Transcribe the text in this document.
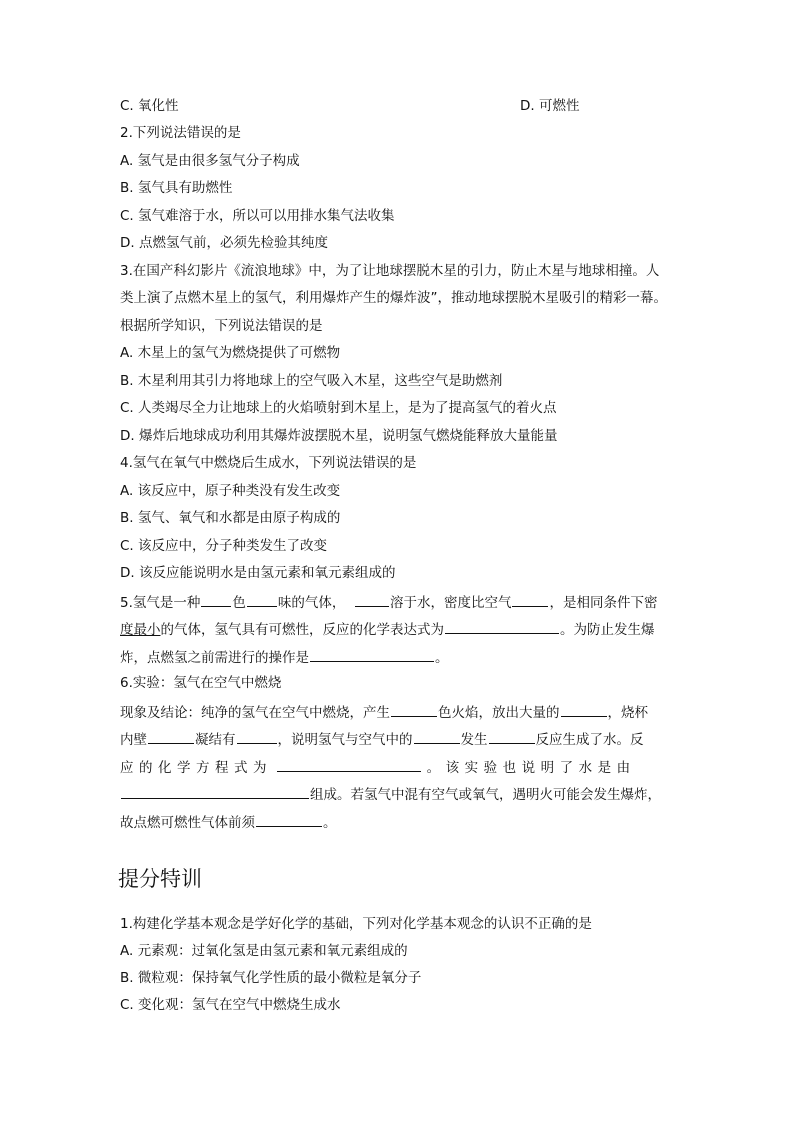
C. 氧化性	D. 可燃性
2.下列说法错误的是
A. 氢气是由很多氢气分子构成
B. 氢气具有助燃性
C. 氢气难溶于水，所以可以用排水集气法收集
D. 点燃氢气前，必须先检验其纯度
3.在国产科幻影片《流浪地球》中，为了让地球摆脱木星的引力，防止木星与地球相撞。人
类上演了点燃木星上的氢气，利用爆炸产生的爆炸波”，推动地球摆脱木星吸引的精彩一幕。
根据所学知识，下列说法错误的是
A. 木星上的氢气为燃烧提供了可燃物
B. 木星利用其引力将地球上的空气吸入木星，这些空气是助燃剂
C. 人类竭尽全力让地球上的火焰喷射到木星上，是为了提高氢气的着火点
D. 爆炸后地球成功利用其爆炸波摆脱木星，说明氢气燃烧能释放大量能量
4.氢气在氧气中燃烧后生成水，下列说法错误的是
A. 该反应中，原子种类没有发生改变
B. 氢气、氧气和水都是由原子构成的
C. 该反应中，分子种类发生了改变
D. 该反应能说明水是由氢元素和氧元素组成的
5.氢气是一种 色 味的气体，	溶于水，密度比空气	，是相同条件下密
度最小的气体，氢气具有可燃性，反应的化学表达式为	。为防止发生爆
炸，点燃氢之前需进行的操作是	。
6.实验：氢气在空气中燃烧
现象及结论：纯净的氢气在空气中燃烧，产生	色火焰，放出大量的	，烧杯
内壁	凝结有	，说明氢气与空气中的	发生	反应生成了水。反
应的化学方程式为	。该实验也说明了水是由
组成。若氢气中混有空气或氧气，遇明火可能会发生爆炸，
故点燃可燃性气体前须	。
提分特训
1.构建化学基本观念是学好化学的基础，下列对化学基本观念的认识不正确的是
A. 元素观：过氧化氢是由氢元素和氧元素组成的
B. 微粒观：保持氧气化学性质的最小微粒是氧分子
C. 变化观：氢气在空气中燃烧生成水
